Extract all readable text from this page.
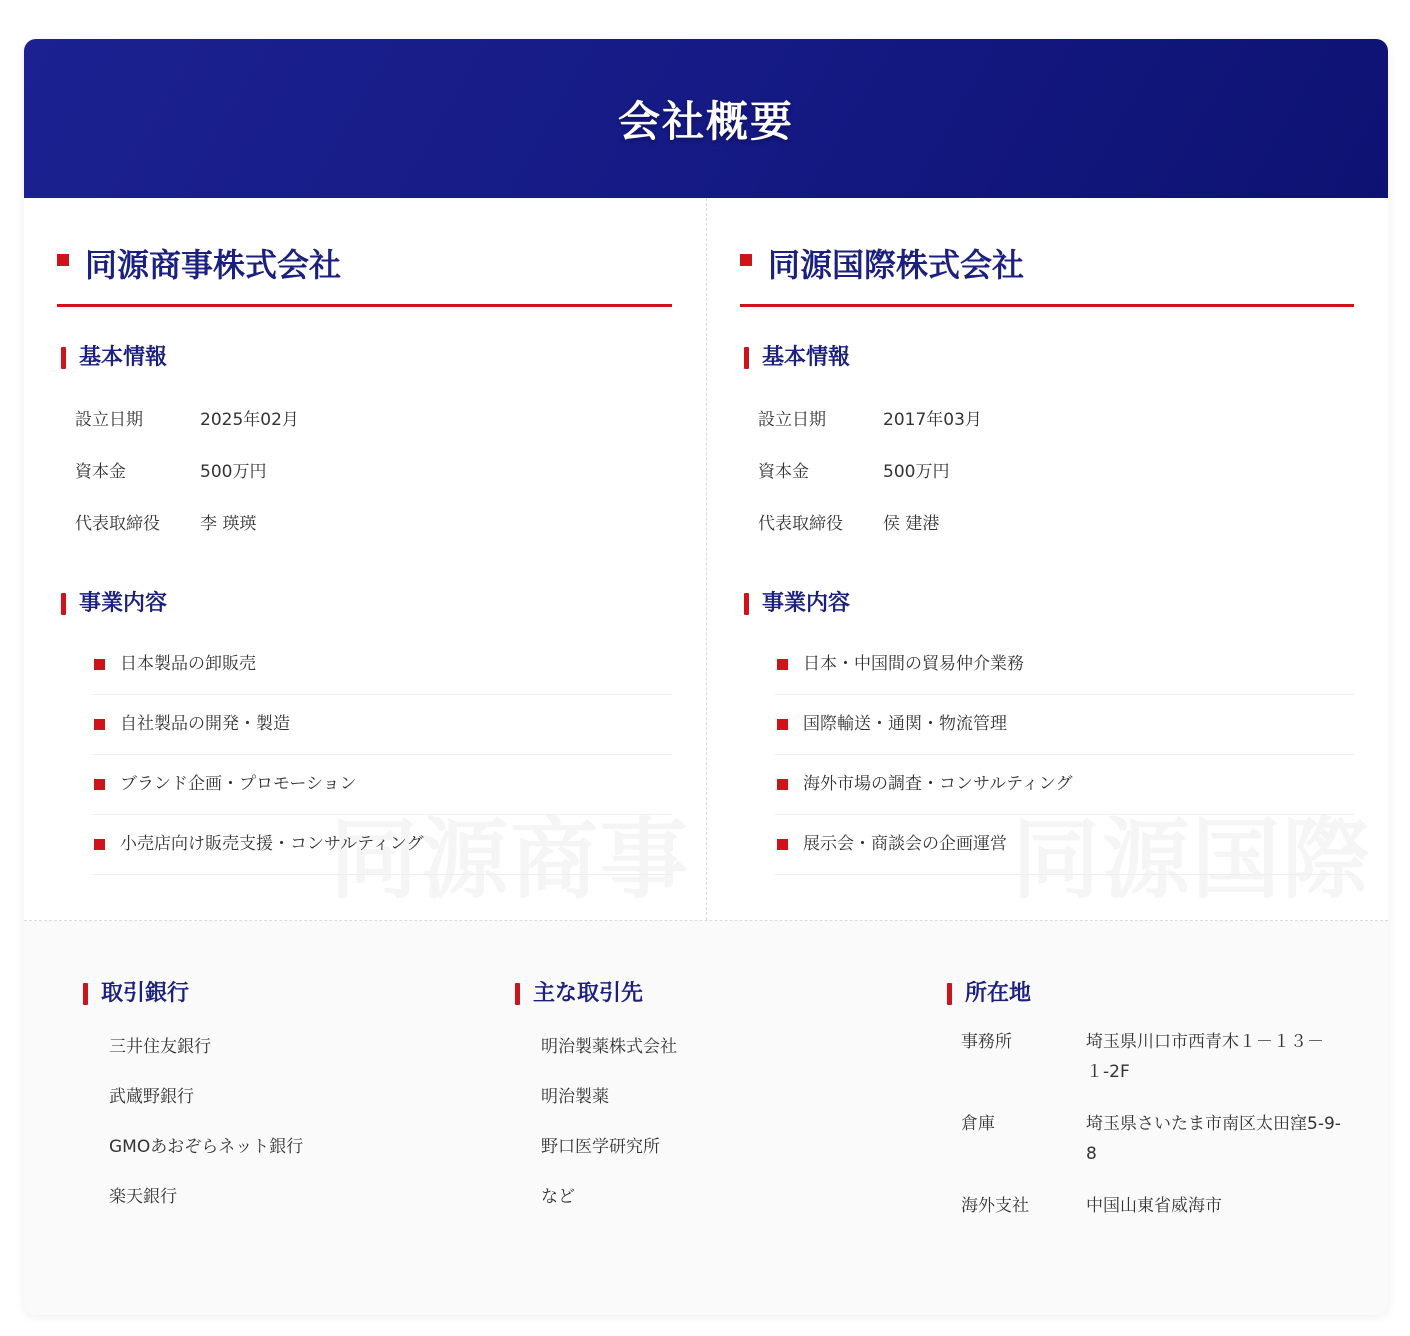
会社概要
同源商事株式会社
基本情報
設立日期	2025年02月
資本金	500万円
代表取締役	李 瑛瑛
事業内容
日本製品の卸販売
自社製品の開発・製造
ブランド企画・プロモーション
小売店向け販売支援・コンサルティング
同源国際株式会社
基本情報
設立日期	2017年03月
資本金	500万円
代表取締役	侯 建港
事業内容
日本・中国間の貿易仲介業務
国際輸送・通関・物流管理
海外市場の調査・コンサルティング
展示会・商談会の企画運営
取引銀行
三井住友銀行
武蔵野銀行
GMOあおぞらネット銀行
楽天銀行
主な取引先
明治製薬株式会社
明治製薬
野口医学研究所
など
所在地
事務所	埼玉県川口市西青木１－１３－１-2F
倉庫	埼玉県さいたま市南区太田窪5-9-8
海外支社	中国山東省威海市
